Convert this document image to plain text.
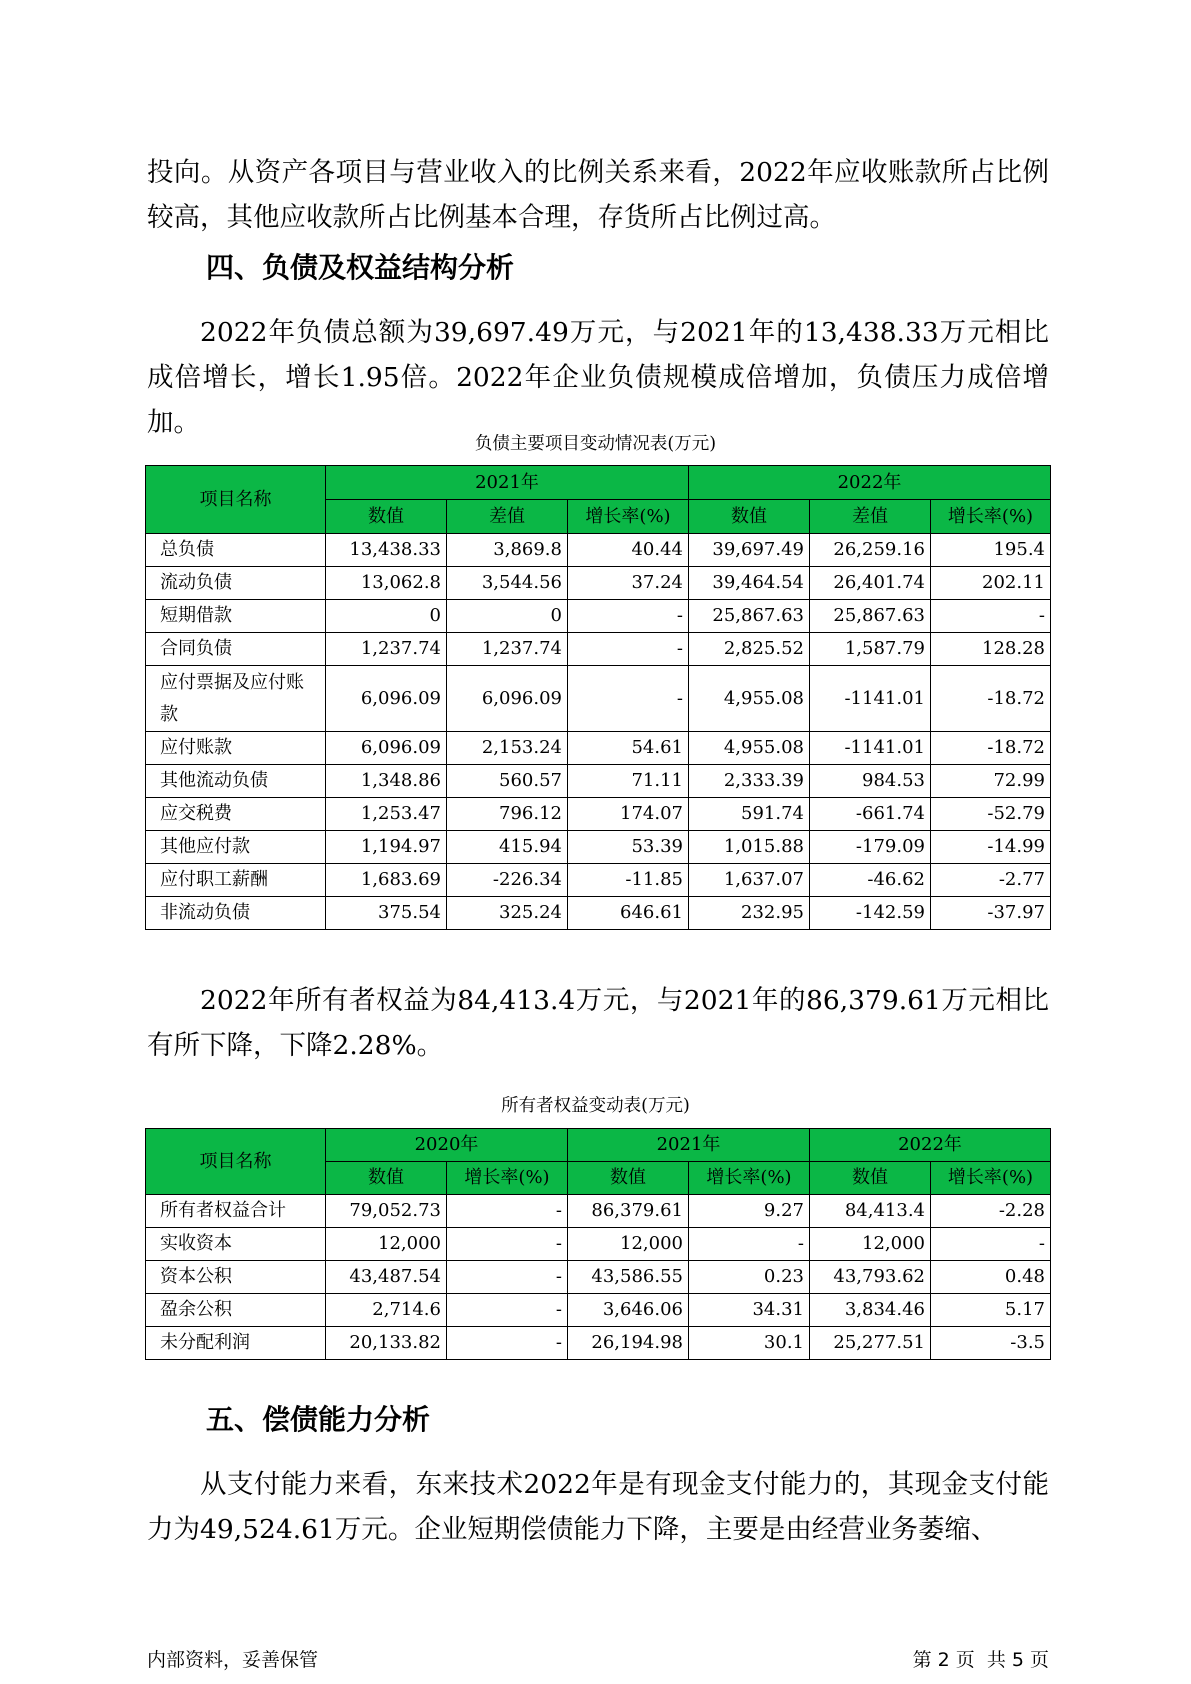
投向。从资产各项目与营业收入的比例关系来看，2022年应收账款所占比例较高，其他应收款所占比例基本合理，存货所占比例过高。

四、负债及权益结构分析

2022年负债总额为39,697.49万元，与2021年的13,438.33万元相比成倍增长，增长1.95倍。2022年企业负债规模成倍增加，负债压力成倍增加。

负债主要项目变动情况表(万元)
项目名称	2021年			2022年		
	数值	差值	增长率(%)	数值	差值	增长率(%)
总负债	13,438.33	3,869.8	40.44	39,697.49	26,259.16	195.4
流动负债	13,062.8	3,544.56	37.24	39,464.54	26,401.74	202.11
短期借款	0	0	-	25,867.63	25,867.63	-
合同负债	1,237.74	1,237.74	-	2,825.52	1,587.79	128.28
应付票据及应付账款	6,096.09	6,096.09	-	4,955.08	-1141.01	-18.72
应付账款	6,096.09	2,153.24	54.61	4,955.08	-1141.01	-18.72
其他流动负债	1,348.86	560.57	71.11	2,333.39	984.53	72.99
应交税费	1,253.47	796.12	174.07	591.74	-661.74	-52.79
其他应付款	1,194.97	415.94	53.39	1,015.88	-179.09	-14.99
应付职工薪酬	1,683.69	-226.34	-11.85	1,637.07	-46.62	-2.77
非流动负债	375.54	325.24	646.61	232.95	-142.59	-37.97

2022年所有者权益为84,413.4万元，与2021年的86,379.61万元相比有所下降，下降2.28%。

所有者权益变动表(万元)
项目名称	2020年		2021年		2022年	
	数值	增长率(%)	数值	增长率(%)	数值	增长率(%)
所有者权益合计	79,052.73	-	86,379.61	9.27	84,413.4	-2.28
实收资本	12,000	-	12,000	-	12,000	-
资本公积	43,487.54	-	43,586.55	0.23	43,793.62	0.48
盈余公积	2,714.6	-	3,646.06	34.31	3,834.46	5.17
未分配利润	20,133.82	-	26,194.98	30.1	25,277.51	-3.5
五、偿债能力分析

从支付能力来看，东来技术2022年是有现金支付能力的，其现金支付能力为49,524.61万元。企业短期偿债能力下降，主要是由经营业务萎缩、

内部资料，妥善保管	第 2 页  共 5 页
